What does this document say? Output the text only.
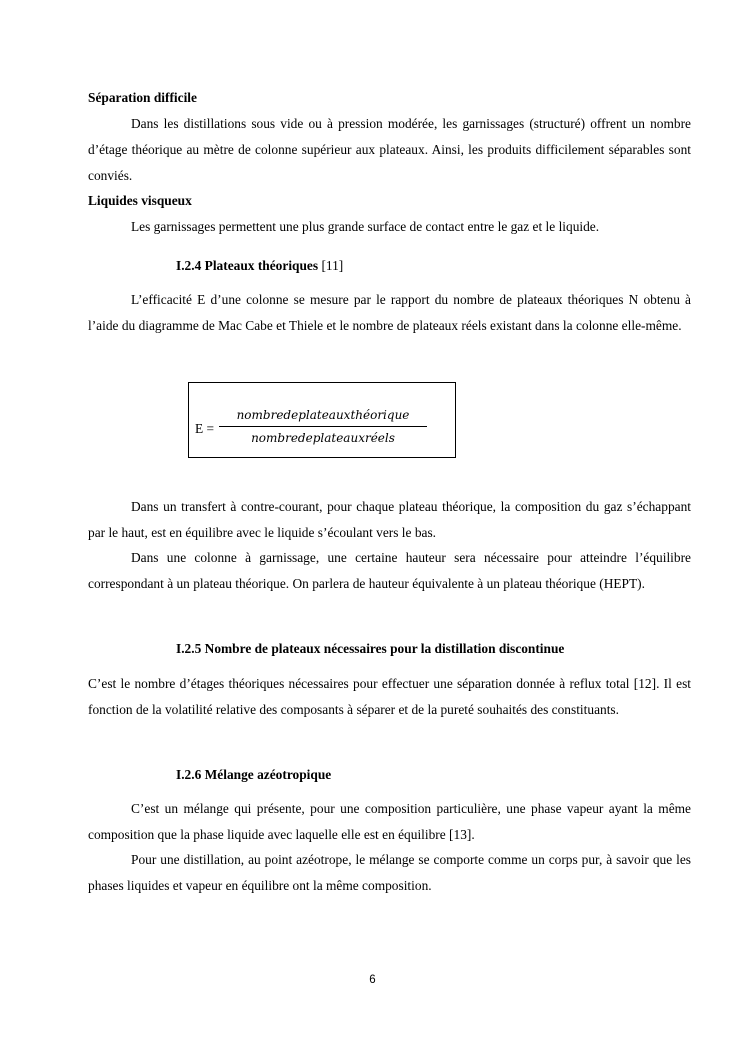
Séparation difficile

Dans les distillations sous vide ou à pression modérée, les garnissages (structuré) offrent un nombre d’étage théorique au mètre de colonne supérieur aux plateaux. Ainsi, les produits difficilement séparables sont conviés.

Liquides visqueux

Les garnissages permettent une plus grande surface de contact entre le gaz et le liquide.

I.2.4 Plateaux théoriques [11]

L’efficacité E d’une colonne se mesure par le rapport du nombre de plateaux théoriques N obtenu à l’aide du diagramme de Mac Cabe et Thiele et le nombre de plateaux réels existant dans la colonne elle-même.

E =
nombredeplateauxthéorique
nombredeplateauxréels

Dans un transfert à contre-courant, pour chaque plateau théorique, la composition du gaz s’échappant par le haut, est en équilibre avec le liquide s’écoulant vers le bas.

Dans une colonne à garnissage, une certaine hauteur sera nécessaire pour atteindre l’équilibre correspondant à un plateau théorique. On parlera de hauteur équivalente à un plateau théorique (HEPT).

I.2.5 Nombre de plateaux nécessaires pour la distillation discontinue

C’est le nombre d’étages théoriques nécessaires pour effectuer une séparation donnée à reflux total [12]. Il est fonction de la volatilité relative des composants à séparer et de la pureté souhaités des constituants.

I.2.6 Mélange azéotropique

C’est un mélange qui présente, pour une composition particulière, une phase vapeur ayant la même composition que la phase liquide avec laquelle elle est en équilibre [13].

Pour une distillation, au point azéotrope, le mélange se comporte comme un corps pur, à savoir que les phases liquides et vapeur en équilibre ont la même composition.

6
